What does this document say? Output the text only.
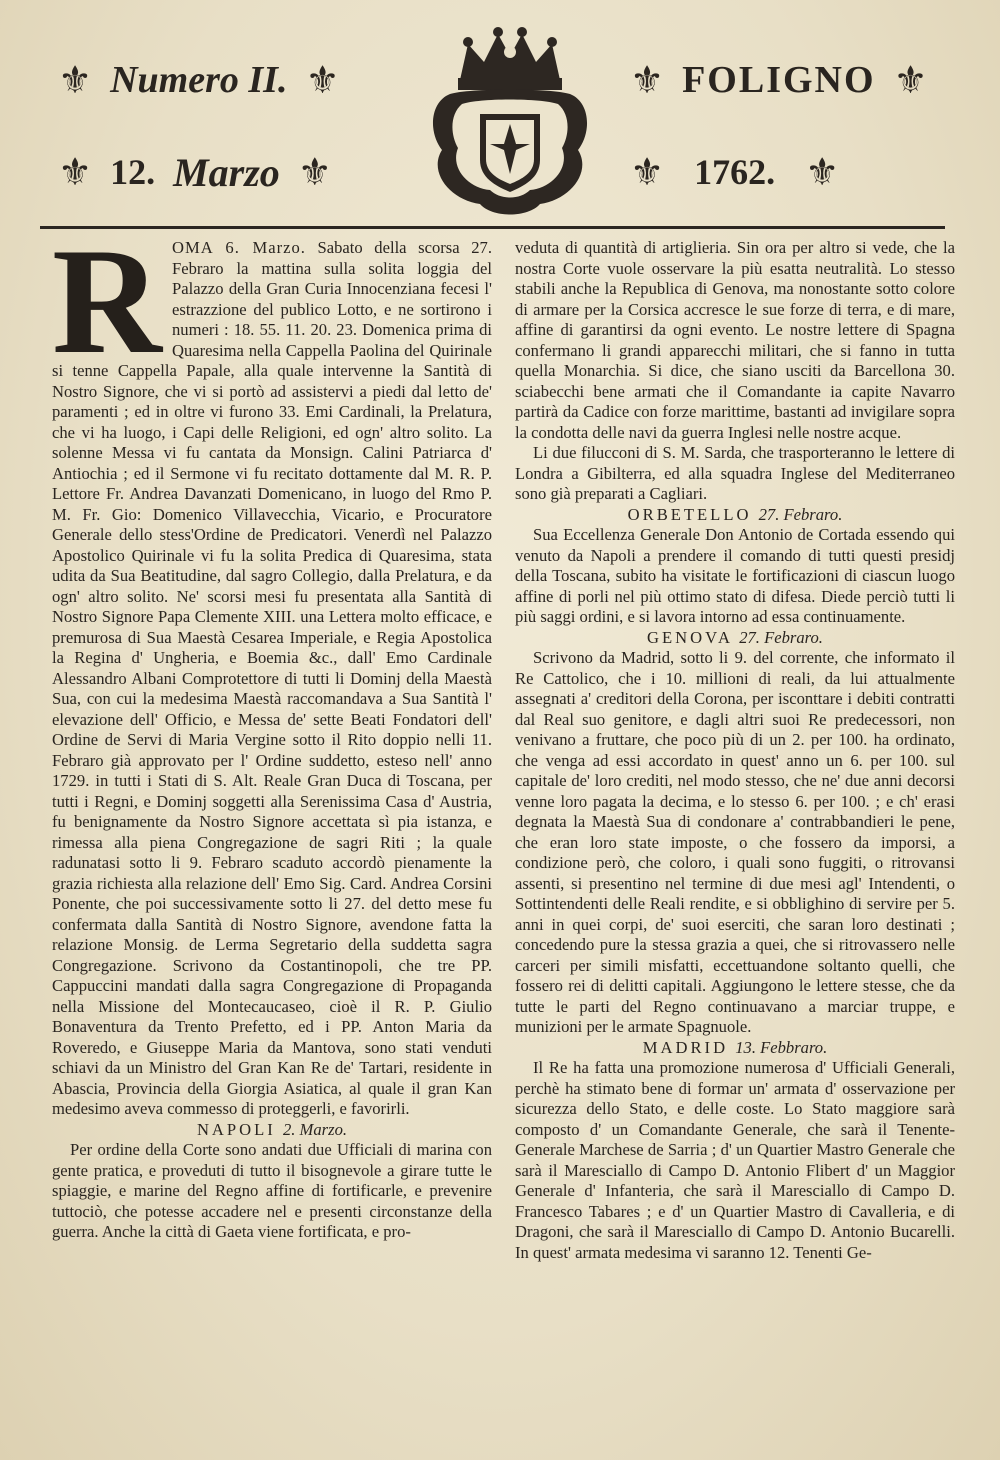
⚜ Numero II. ⚜
⚜ 12. Marzo ⚜
⚜ FOLIGNO ⚜
⚜ 1762. ⚜
R OMA 6. Marzo. Sabato della scorsa 27. Febraro la mattina sulla solita loggia del Palazzo della Gran Curia Innocenziana fecesi l' estrazzione del publico Lotto, e ne sortirono i numeri : 18. 55. 11. 20. 23. Domenica prima di Quaresima nella Cappella Paolina del Quirinale si tenne Cappella Papale, alla quale intervenne la Santità di Nostro Signore, che vi si portò ad assistervi a piedi dal letto de' paramenti ; ed in oltre vi furono 33. Emi Cardinali, la Prelatura, che vi ha luogo, i Capi delle Religioni, ed ogn' altro solito. La solenne Messa vi fu cantata da Monsign. Calini Patriarca d' Antiochia ; ed il Sermone vi fu recitato dottamente dal M. R. P. Lettore Fr. Andrea Davanzati Domenicano, in luogo del Rmo P. M. Fr. Gio: Domenico Villavecchia, Vicario, e Procuratore Generale dello stess'Ordine de Predicatori. Venerdì nel Palazzo Apostolico Quirinale vi fu la solita Predica di Quaresima, stata udita da Sua Beatitudine, dal sagro Collegio, dalla Prelatura, e da ogn' altro solito. Ne' scorsi mesi fu presentata alla Santità di Nostro Signore Papa Clemente XIII. una Lettera molto efficace, e premurosa di Sua Maestà Cesarea Imperiale, e Regia Apostolica la Regina d' Ungheria, e Boemia &c., dall' Emo Cardinale Alessandro Albani Comprotettore di tutti li Dominj della Maestà Sua, con cui la medesima Maestà raccomandava a Sua Santità l' elevazione dell' Officio, e Messa de' sette Beati Fondatori dell' Ordine de Servi di Maria Vergine sotto il Rito doppio nelli 11. Febraro già approvato per l' Ordine suddetto, esteso nell' anno 1729. in tutti i Stati di S. Alt. Reale Gran Duca di Toscana, per tutti i Regni, e Dominj soggetti alla Serenissima Casa d' Austria, fu benignamente da Nostro Signore accettata sì pia istanza, e rimessa alla piena Congregazione de sagri Riti ; la quale radunatasi sotto li 9. Febraro scaduto accordò pienamente la grazia richiesta alla relazione dell' Emo Sig. Card. Andrea Corsini Ponente, che poi successivamente sotto li 27. del detto mese fu confermata dalla Santità di Nostro Signore, avendone fatta la relazione Monsig. de Lerma Segretario della suddetta sagra Congregazione. Scrivono da Costantinopoli, che tre PP. Cappuccini mandati dalla sagra Congregazione di Propaganda nella Missione del Montecaucaseo, cioè il R. P. Giulio Bonaventura da Trento Prefetto, ed i PP. Anton Maria da Roveredo, e Giuseppe Maria da Mantova, sono stati venduti schiavi da un Ministro del Gran Kan Re de' Tartari, residente in Abascia, Provincia della Giorgia Asiatica, al quale il gran Kan medesimo aveva commesso di proteggerli, e favorirli.

NAPOLI 2. Marzo.

Per ordine della Corte sono andati due Ufficiali di marina con gente pratica, e proveduti di tutto il bisognevole a girare tutte le spiaggie, e marine del Regno affine di fortificarle, e prevenire tuttociò, che potesse accadere nel e presenti circonstanze della guerra. Anche la città di Gaeta viene fortificata, e pro-

veduta di quantità di artiglieria. Sin ora per altro si vede, che la nostra Corte vuole osservare la più esatta neutralità. Lo stesso stabili anche la Republica di Genova, ma nonostante sotto colore di armare per la Corsica accresce le sue forze di terra, e di mare, affine di garantirsi da ogni evento. Le nostre lettere di Spagna confermano li grandi apparecchi militari, che si fanno in tutta quella Monarchia. Si dice, che siano usciti da Barcellona 30. sciabecchi bene armati che il Comandante ia capite Navarro partirà da Cadice con forze marittime, bastanti ad invigilare sopra la condotta delle navi da guerra Inglesi nelle nostre acque.

Li due filucconi di S. M. Sarda, che trasporteranno le lettere di Londra a Gibilterra, ed alla squadra Inglese del Mediterraneo sono già preparati a Cagliari.

ORBETELLO 27. Febraro.

Sua Eccellenza Generale Don Antonio de Cortada essendo qui venuto da Napoli a prendere il comando di tutti questi presidj della Toscana, subito ha visitate le fortificazioni di ciascun luogo affine di porli nel più ottimo stato di difesa. Diede perciò tutti li più saggi ordini, e si lavora intorno ad essa continuamente.

GENOVA 27. Febraro.

Scrivono da Madrid, sotto li 9. del corrente, che informato il Re Cattolico, che i 10. millioni di reali, da lui attualmente assegnati a' creditori della Corona, per isconttare i debiti contratti dal Real suo genitore, e dagli altri suoi Re predecessori, non venivano a fruttare, che poco più di un 2. per 100. ha ordinato, che venga ad essi accordato in quest' anno un 6. per 100. sul capitale de' loro crediti, nel modo stesso, che ne' due anni decorsi venne loro pagata la decima, e lo stesso 6. per 100. ; e ch' erasi degnata la Maestà Sua di condonare a' contrabbandieri le pene, che eran loro state imposte, o che fossero da imporsi, a condizione però, che coloro, i quali sono fuggiti, o ritrovansi assenti, si presentino nel termine di due mesi agl' Intendenti, o Sottintendenti delle Reali rendite, e si obblighino di servire per 5. anni in quei corpi, de' suoi eserciti, che saran loro destinati ; concedendo pure la stessa grazia a quei, che si ritrovassero nelle carceri per simili misfatti, eccettuandone soltanto quelli, che fossero rei di delitti capitali. Aggiungono le lettere stesse, che da tutte le parti del Regno continuavano a marciar truppe, e munizioni per le armate Spagnuole.

MADRID 13. Febbraro.

Il Re ha fatta una promozione numerosa d' Ufficiali Generali, perchè ha stimato bene di formar un' armata d' osservazione per sicurezza dello Stato, e delle coste. Lo Stato maggiore sarà composto d' un Comandante Generale, che sarà il Tenente-Generale Marchese de Sarria ; d' un Quartier Mastro Generale che sarà il Maresciallo di Campo D. Antonio Flibert d' un Maggior Generale d' Infanteria, che sarà il Maresciallo di Campo D. Francesco Tabares ; e d' un Quartier Mastro di Cavalleria, e di Dragoni, che sarà il Maresciallo di Campo D. Antonio Bucarelli. In quest' armata medesima vi saranno 12. Tenenti Ge-
